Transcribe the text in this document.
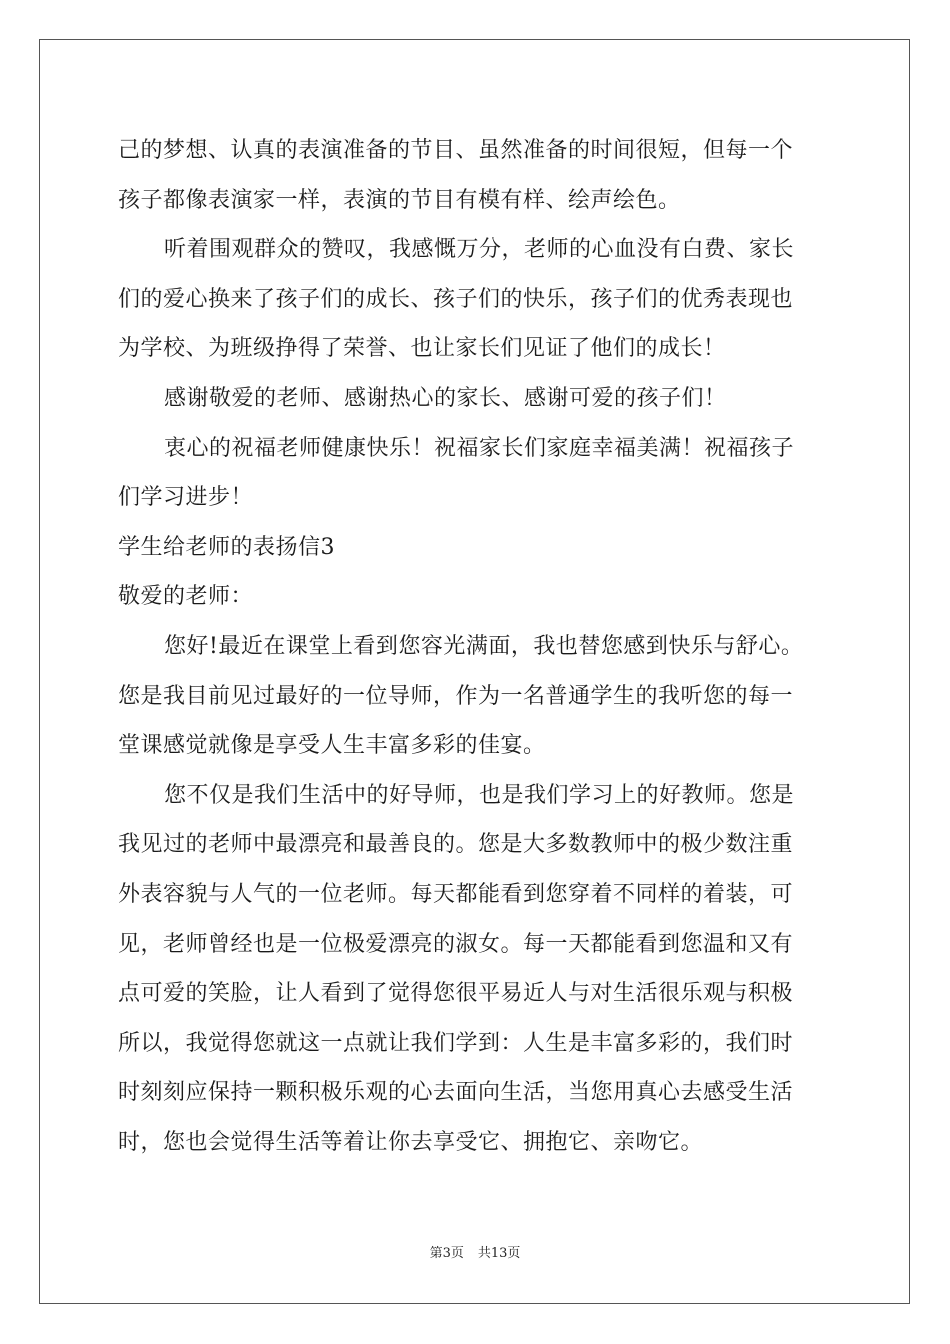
己的梦想、认真的表演准备的节目、虽然准备的时间很短，但每一个
孩子都像表演家一样，表演的节目有模有样、绘声绘色。
听着围观群众的赞叹，我感慨万分，老师的心血没有白费、家长
们的爱心换来了孩子们的成长、孩子们的快乐，孩子们的优秀表现也
为学校、为班级挣得了荣誉、也让家长们见证了他们的成长！
感谢敬爱的老师、感谢热心的家长、感谢可爱的孩子们！
衷心的祝福老师健康快乐！祝福家长们家庭幸福美满！祝福孩子
们学习进步！
学生给老师的表扬信3
敬爱的老师：
您好!最近在课堂上看到您容光满面，我也替您感到快乐与舒心。
您是我目前见过最好的一位导师，作为一名普通学生的我听您的每一
堂课感觉就像是享受人生丰富多彩的佳宴。
您不仅是我们生活中的好导师，也是我们学习上的好教师。您是
我见过的老师中最漂亮和最善良的。您是大多数教师中的极少数注重
外表容貌与人气的一位老师。每天都能看到您穿着不同样的着装，可
见，老师曾经也是一位极爱漂亮的淑女。每一天都能看到您温和又有
点可爱的笑脸，让人看到了觉得您很平易近人与对生活很乐观与积极
所以，我觉得您就这一点就让我们学到：人生是丰富多彩的，我们时
时刻刻应保持一颗积极乐观的心去面向生活，当您用真心去感受生活
时，您也会觉得生活等着让你去享受它、拥抱它、亲吻它。
第3页 共13页
